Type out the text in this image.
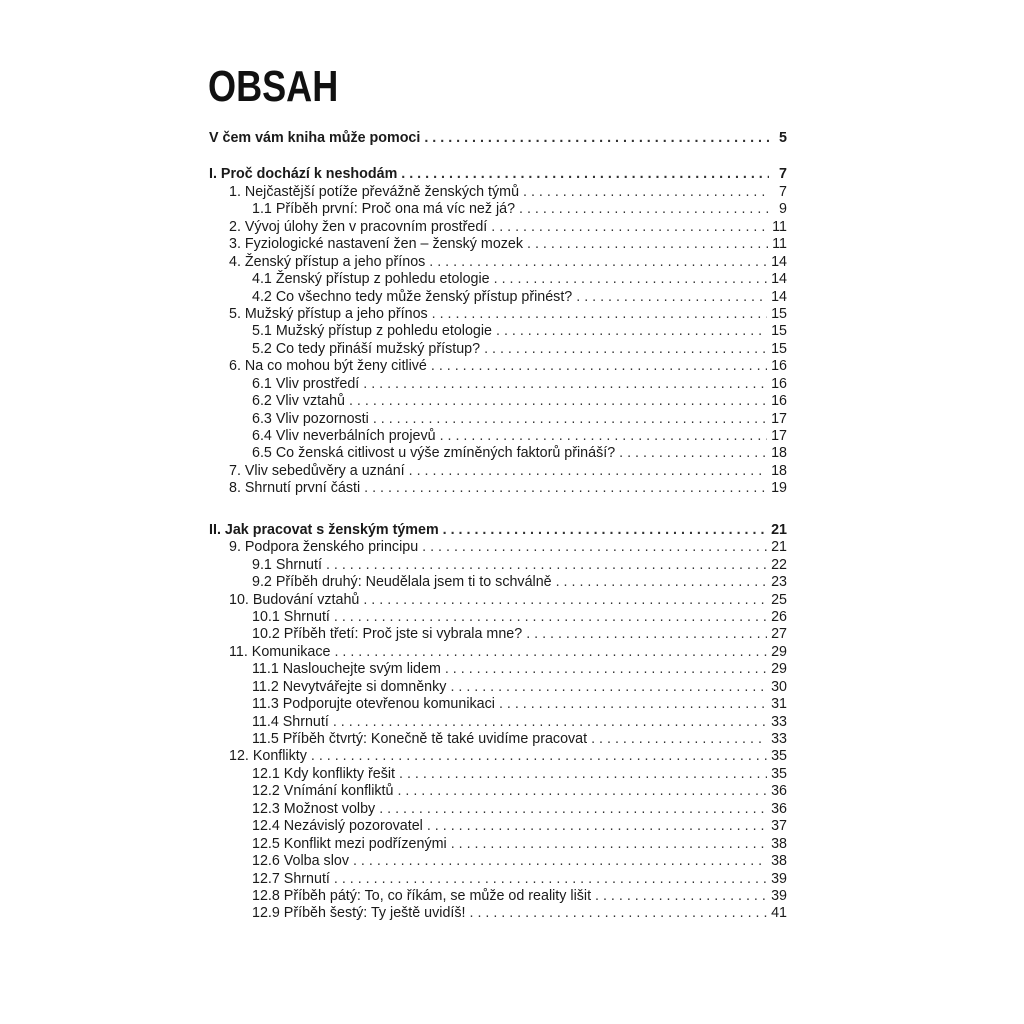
OBSAH
V čem vám kniha může pomoci . . .	5
I. Proč dochází k neshodám . . .	7
1. Nejčastější potíže převážně ženských týmů . . .	7
1.1 Příběh první: Proč ona má víc než já? . . .	9
2. Vývoj úlohy žen v pracovním prostředí . . .	11
3. Fyziologické nastavení žen – ženský mozek . . .	11
4. Ženský přístup a jeho přínos . . .	14
4.1 Ženský přístup z pohledu etologie . . .	14
4.2 Co všechno tedy může ženský přístup přinést? . . .	14
5. Mužský přístup a jeho přínos . . .	15
5.1 Mužský přístup z pohledu etologie . . .	15
5.2 Co tedy přináší mužský přístup? . . .	15
6. Na co mohou být ženy citlivé . . .	16
6.1 Vliv prostředí . . .	16
6.2 Vliv vztahů . . .	16
6.3 Vliv pozornosti . . .	17
6.4 Vliv neverbálních projevů . . .	17
6.5 Co ženská citlivost u výše zmíněných faktorů přináší? . . .	18
7. Vliv sebedůvěry a uznání . . .	18
8. Shrnutí první části . . .	19
II. Jak pracovat s ženským týmem . . .	21
9. Podpora ženského principu . . .	21
9.1 Shrnutí . . .	22
9.2 Příběh druhý: Neudělala jsem ti to schválně . . .	23
10. Budování vztahů . . .	25
10.1 Shrnutí . . .	26
10.2 Příběh třetí: Proč jste si vybrala mne? . . .	27
11. Komunikace . . .	29
11.1 Naslouchejte svým lidem . . .	29
11.2 Nevytvářejte si domněnky . . .	30
11.3 Podporujte otevřenou komunikaci . . .	31
11.4 Shrnutí . . .	33
11.5 Příběh čtvrtý: Konečně tě také uvidíme pracovat . . .	33
12. Konflikty . . .	35
12.1 Kdy konflikty řešit . . .	35
12.2 Vnímání konfliktů . . .	36
12.3 Možnost volby . . .	36
12.4 Nezávislý pozorovatel . . .	37
12.5 Konflikt mezi podřízenými . . .	38
12.6 Volba slov . . .	38
12.7 Shrnutí . . .	39
12.8 Příběh pátý: To, co říkám, se může od reality lišit . . .	39
12.9 Příběh šestý: Ty ještě uvidíš! . . .	41
